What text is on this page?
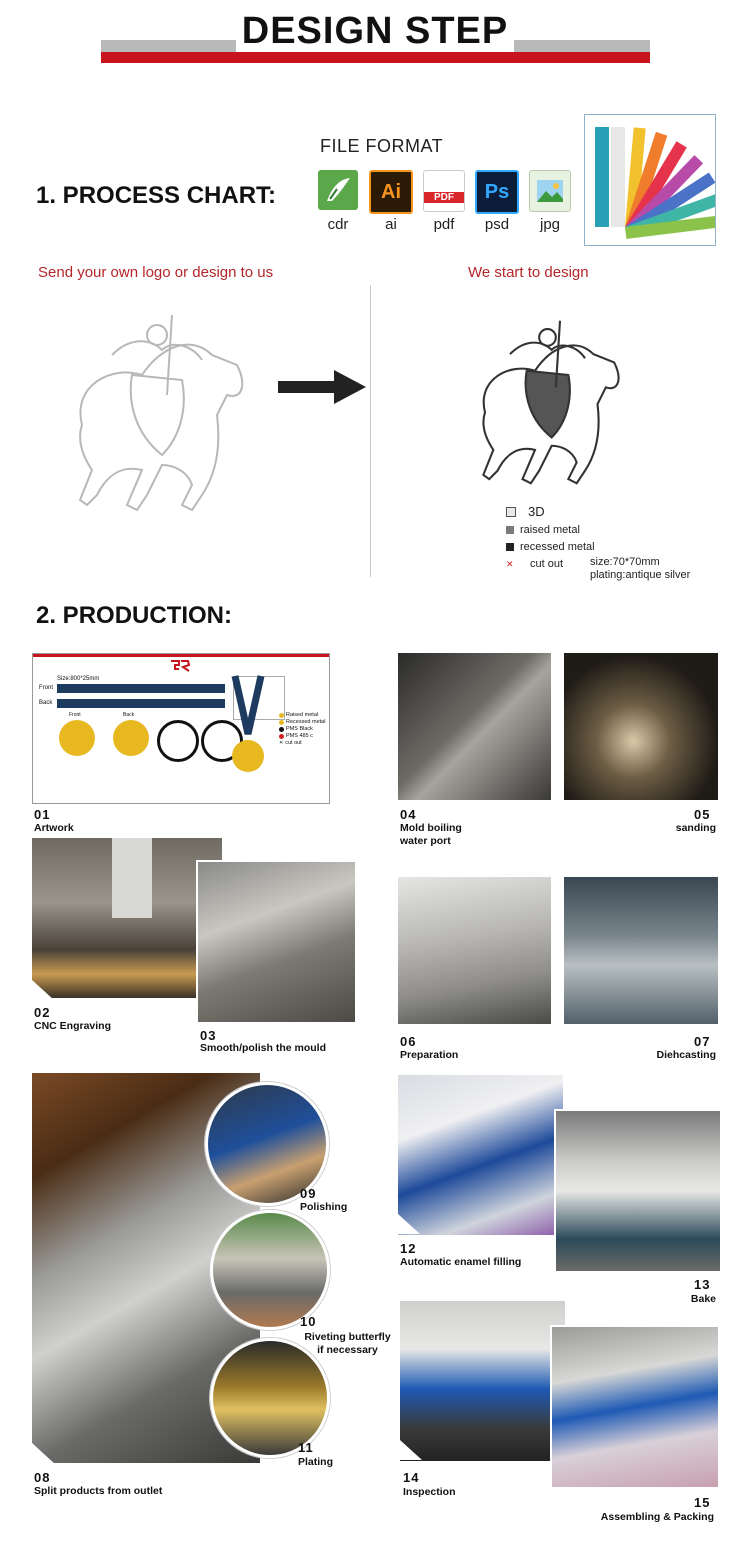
DESIGN STEP
1. PROCESS CHART:
FILE FORMAT
Ai	PDF	Ps
cdr	ai	pdf	psd	jpg
Send your own logo or design to us	We start to design
3D
raised metal
recessed metal
✕ cut out size:70*70mm
plating:antique silver
2. PRODUCTION:
Size:800*25mm
Front
Back
Front	Back	Raised metal
Recessed metal
PMS Black
PMS 485 c
✕ cut out
01
Artwork
04
Mold boiling water port
05
sanding
02
CNC Engraving
03
Smooth/polish the mould	06
Preparation
07
Diehcasting
08
Split products from outlet
09
Polishing
10
Riveting butterfly if necessary
11
Plating
12
Automatic enamel filling
13
Bake
14
Inspection
15
Assembling & Packing
